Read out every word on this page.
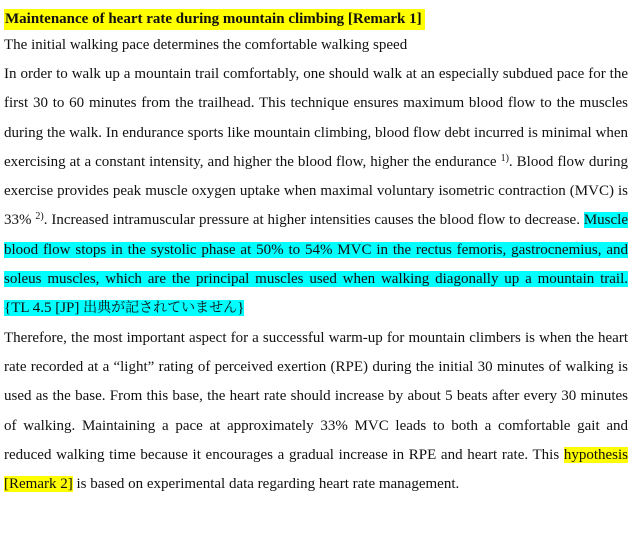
Maintenance of heart rate during mountain climbing [Remark 1]

The initial walking pace determines the comfortable walking speed

In order to walk up a mountain trail comfortably, one should walk at an especially subdued pace for the first 30 to 60 minutes from the trailhead. This technique ensures maximum blood flow to the muscles during the walk. In endurance sports like mountain climbing, blood flow debt incurred is minimal when exercising at a constant intensity, and higher the blood flow, higher the endurance $^{1)}$. Blood flow during exercise provides peak muscle oxygen uptake when maximal voluntary isometric contraction (MVC) is 33% $^{2)}$. Increased intramuscular pressure at higher intensities causes the blood flow to decrease. Muscle blood flow stops in the systolic phase at 50% to 54% MVC in the rectus femoris, gastrocnemius, and soleus muscles, which are the principal muscles used when walking diagonally up a mountain trail. {TL 4.5 [JP] 出典が記されていません}

Therefore, the most important aspect for a successful warm-up for mountain climbers is when the heart rate recorded at a “light” rating of perceived exertion (RPE) during the initial 30 minutes of walking is used as the base. From this base, the heart rate should increase by about 5 beats after every 30 minutes of walking. Maintaining a pace at approximately 33% MVC leads to both a comfortable gait and reduced walking time because it encourages a gradual increase in RPE and heart rate. This hypothesis [Remark 2] is based on experimental data regarding heart rate management.
